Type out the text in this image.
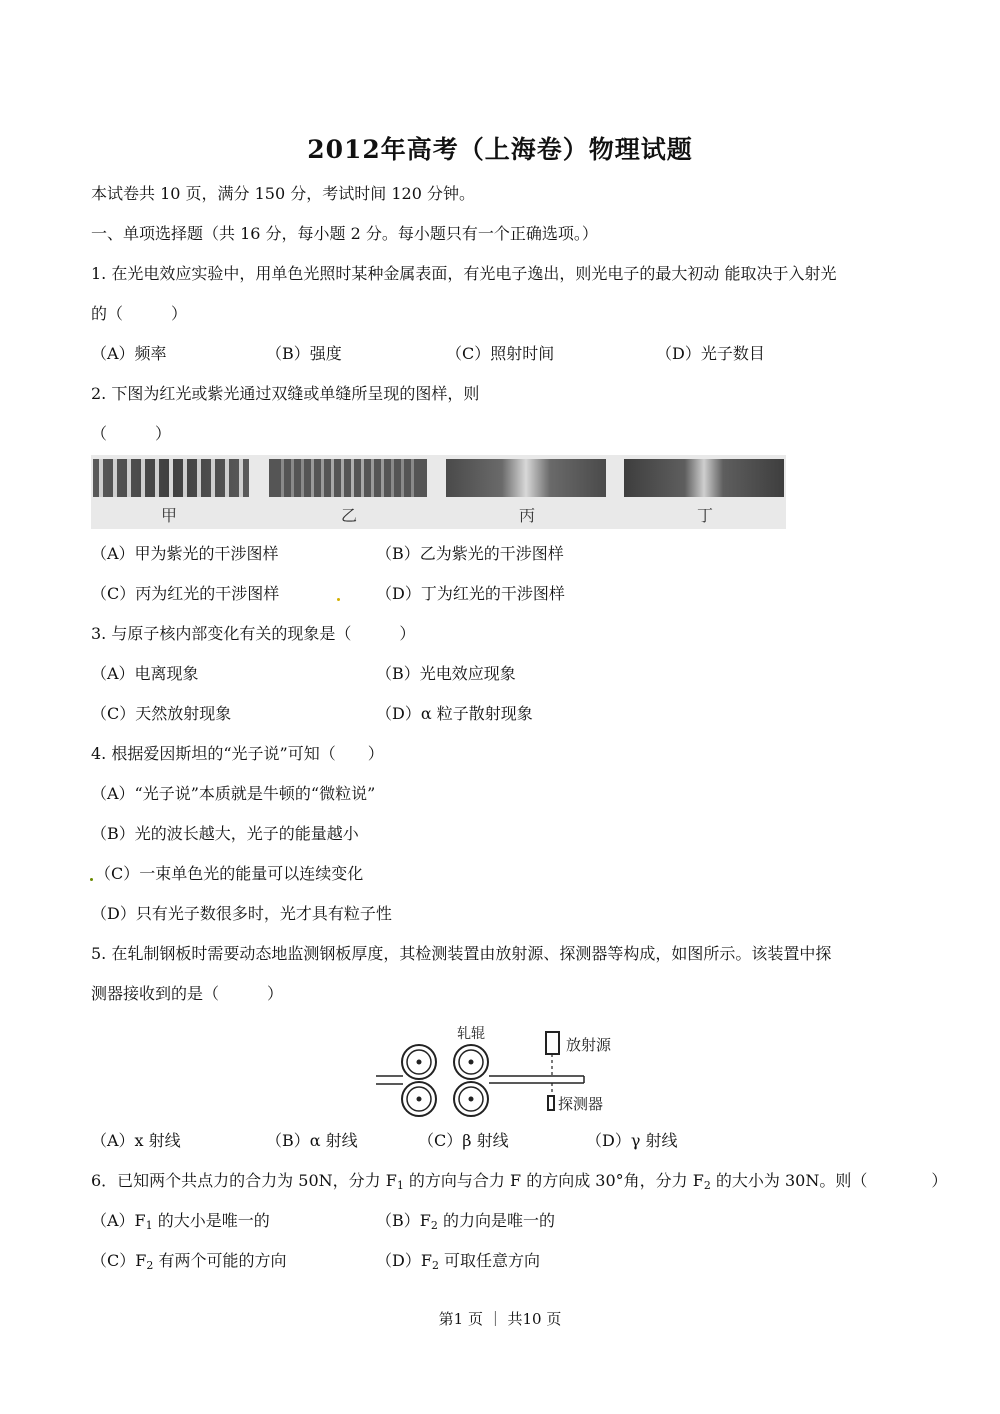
2012年高考（上海卷）物理试题
本试卷共 10 页，满分 150 分，考试时间 120 分钟。
一、单项选择题（共 16 分，每小题 2 分。每小题只有一个正确选项。）
1. 在光电效应实验中，用单色光照时某种金属表面，有光电子逸出，则光电子的最大初动 能取决于入射光
的（　　　）
（A）频率	（B）强度	（C）照射时间	（D）光子数目
2. 下图为红光或紫光通过双缝或单缝所呈现的图样，则
（　　　）
甲	乙	丙	丁
（A）甲为紫光的干涉图样	（B）乙为紫光的干涉图样
（C）丙为红光的干涉图样	（D）丁为红光的干涉图样
3. 与原子核内部变化有关的现象是（　　　）
（A）电离现象	（B）光电效应现象
（C）天然放射现象	（D）α 粒子散射现象
4. 根据爱因斯坦的“光子说”可知（　　）
（A）“光子说”本质就是牛顿的“微粒说”
（B）光的波长越大，光子的能量越小
（C）一束单色光的能量可以连续变化
（D）只有光子数很多时，光才具有粒子性
5. 在轧制钢板时需要动态地监测钢板厚度，其检测装置由放射源、探测器等构成，如图所示。该装置中探
测器接收到的是（　　　）
轧辊
放射源
探测器
（A）x 射线	（B）α 射线	（C）β 射线	（D）γ 射线
6．已知两个共点力的合力为 50N，分力 $F_1$ 的方向与合力 F 的方向成 30°角，分力 $F_2$ 的大小为 30N。则（　　　　）
$(A)F_1$ 的大小是唯一的	$(B)F_2$ 的力向是唯一的
$(C)F_2$ 有两个可能的方向	$(D)F_2$ 可取任意方向
第1 页 ｜ 共10 页
